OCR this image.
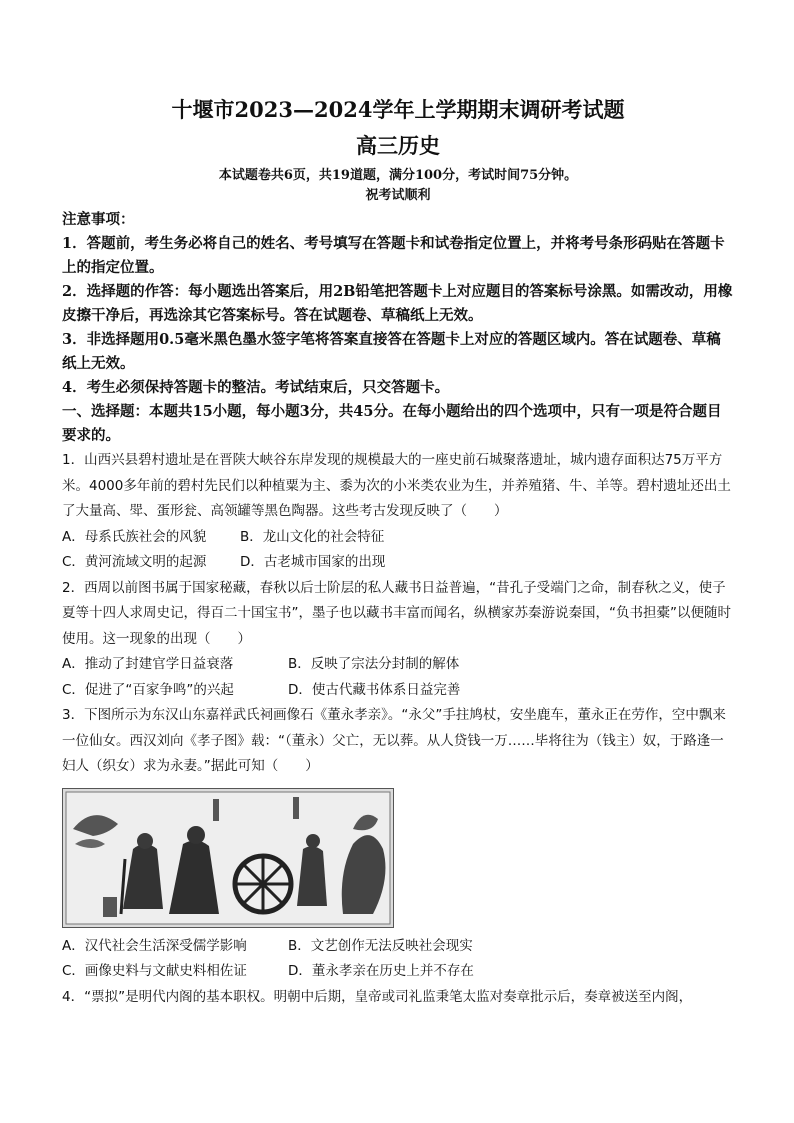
十堰市2023—2024学年上学期期末调研考试题
高三历史
本试题卷共6页，共19道题，满分100分，考试时间75分钟。
祝考试顺利
注意事项：
1．答题前，考生务必将自己的姓名、考号填写在答题卡和试卷指定位置上，并将考号条形码贴在答题卡上的指定位置。
2．选择题的作答：每小题选出答案后，用2B铅笔把答题卡上对应题目的答案标号涂黑。如需改动，用橡皮擦干净后，再选涂其它答案标号。答在试题卷、草稿纸上无效。
3．非选择题用0.5毫米黑色墨水签字笔将答案直接答在答题卡上对应的答题区域内。答在试题卷、草稿纸上无效。
4．考生必须保持答题卡的整洁。考试结束后，只交答题卡。
一、选择题：本题共15小题，每小题3分，共45分。在每小题给出的四个选项中，只有一项是符合题目要求的。
1．山西兴县碧村遗址是在晋陕大峡谷东岸发现的规模最大的一座史前石城聚落遗址，城内遗存面积达75万平方米。4000多年前的碧村先民们以种植粟为主、黍为次的小米类农业为生，并养殖猪、牛、羊等。碧村遗址还出土了大量高、斝、蛋形瓮、高领罐等黑色陶器。这些考古发现反映了（　　）
A．母系氏族社会的风貌	B．龙山文化的社会特征
C．黄河流域文明的起源	D．古老城市国家的出现
2．西周以前图书属于国家秘藏，春秋以后士阶层的私人藏书日益普遍，“昔孔子受端门之命，制春秋之义，使子夏等十四人求周史记，得百二十国宝书”，墨子也以藏书丰富而闻名，纵横家苏秦游说秦国，“负书担橐”以便随时使用。这一现象的出现（　　）
A．推动了封建官学日益衰落	B．反映了宗法分封制的解体
C．促进了“百家争鸣”的兴起	D．使古代藏书体系日益完善
3．下图所示为东汉山东嘉祥武氏祠画像石《董永孝亲》。“永父”手拄鸠杖，安坐鹿车，董永正在劳作，空中飘来一位仙女。西汉刘向《孝子图》载：“（董永）父亡，无以葬。从人贷钱一万……毕将往为（钱主）奴，于路逢一妇人（织女）求为永妻。”据此可知（　　）
A．汉代社会生活深受儒学影响	B．文艺创作无法反映社会现实
C．画像史料与文献史料相佐证	D．董永孝亲在历史上并不存在
4．“票拟”是明代内阁的基本职权。明朝中后期，皇帝或司礼监秉笔太监对奏章批示后，奏章被送至内阁，
